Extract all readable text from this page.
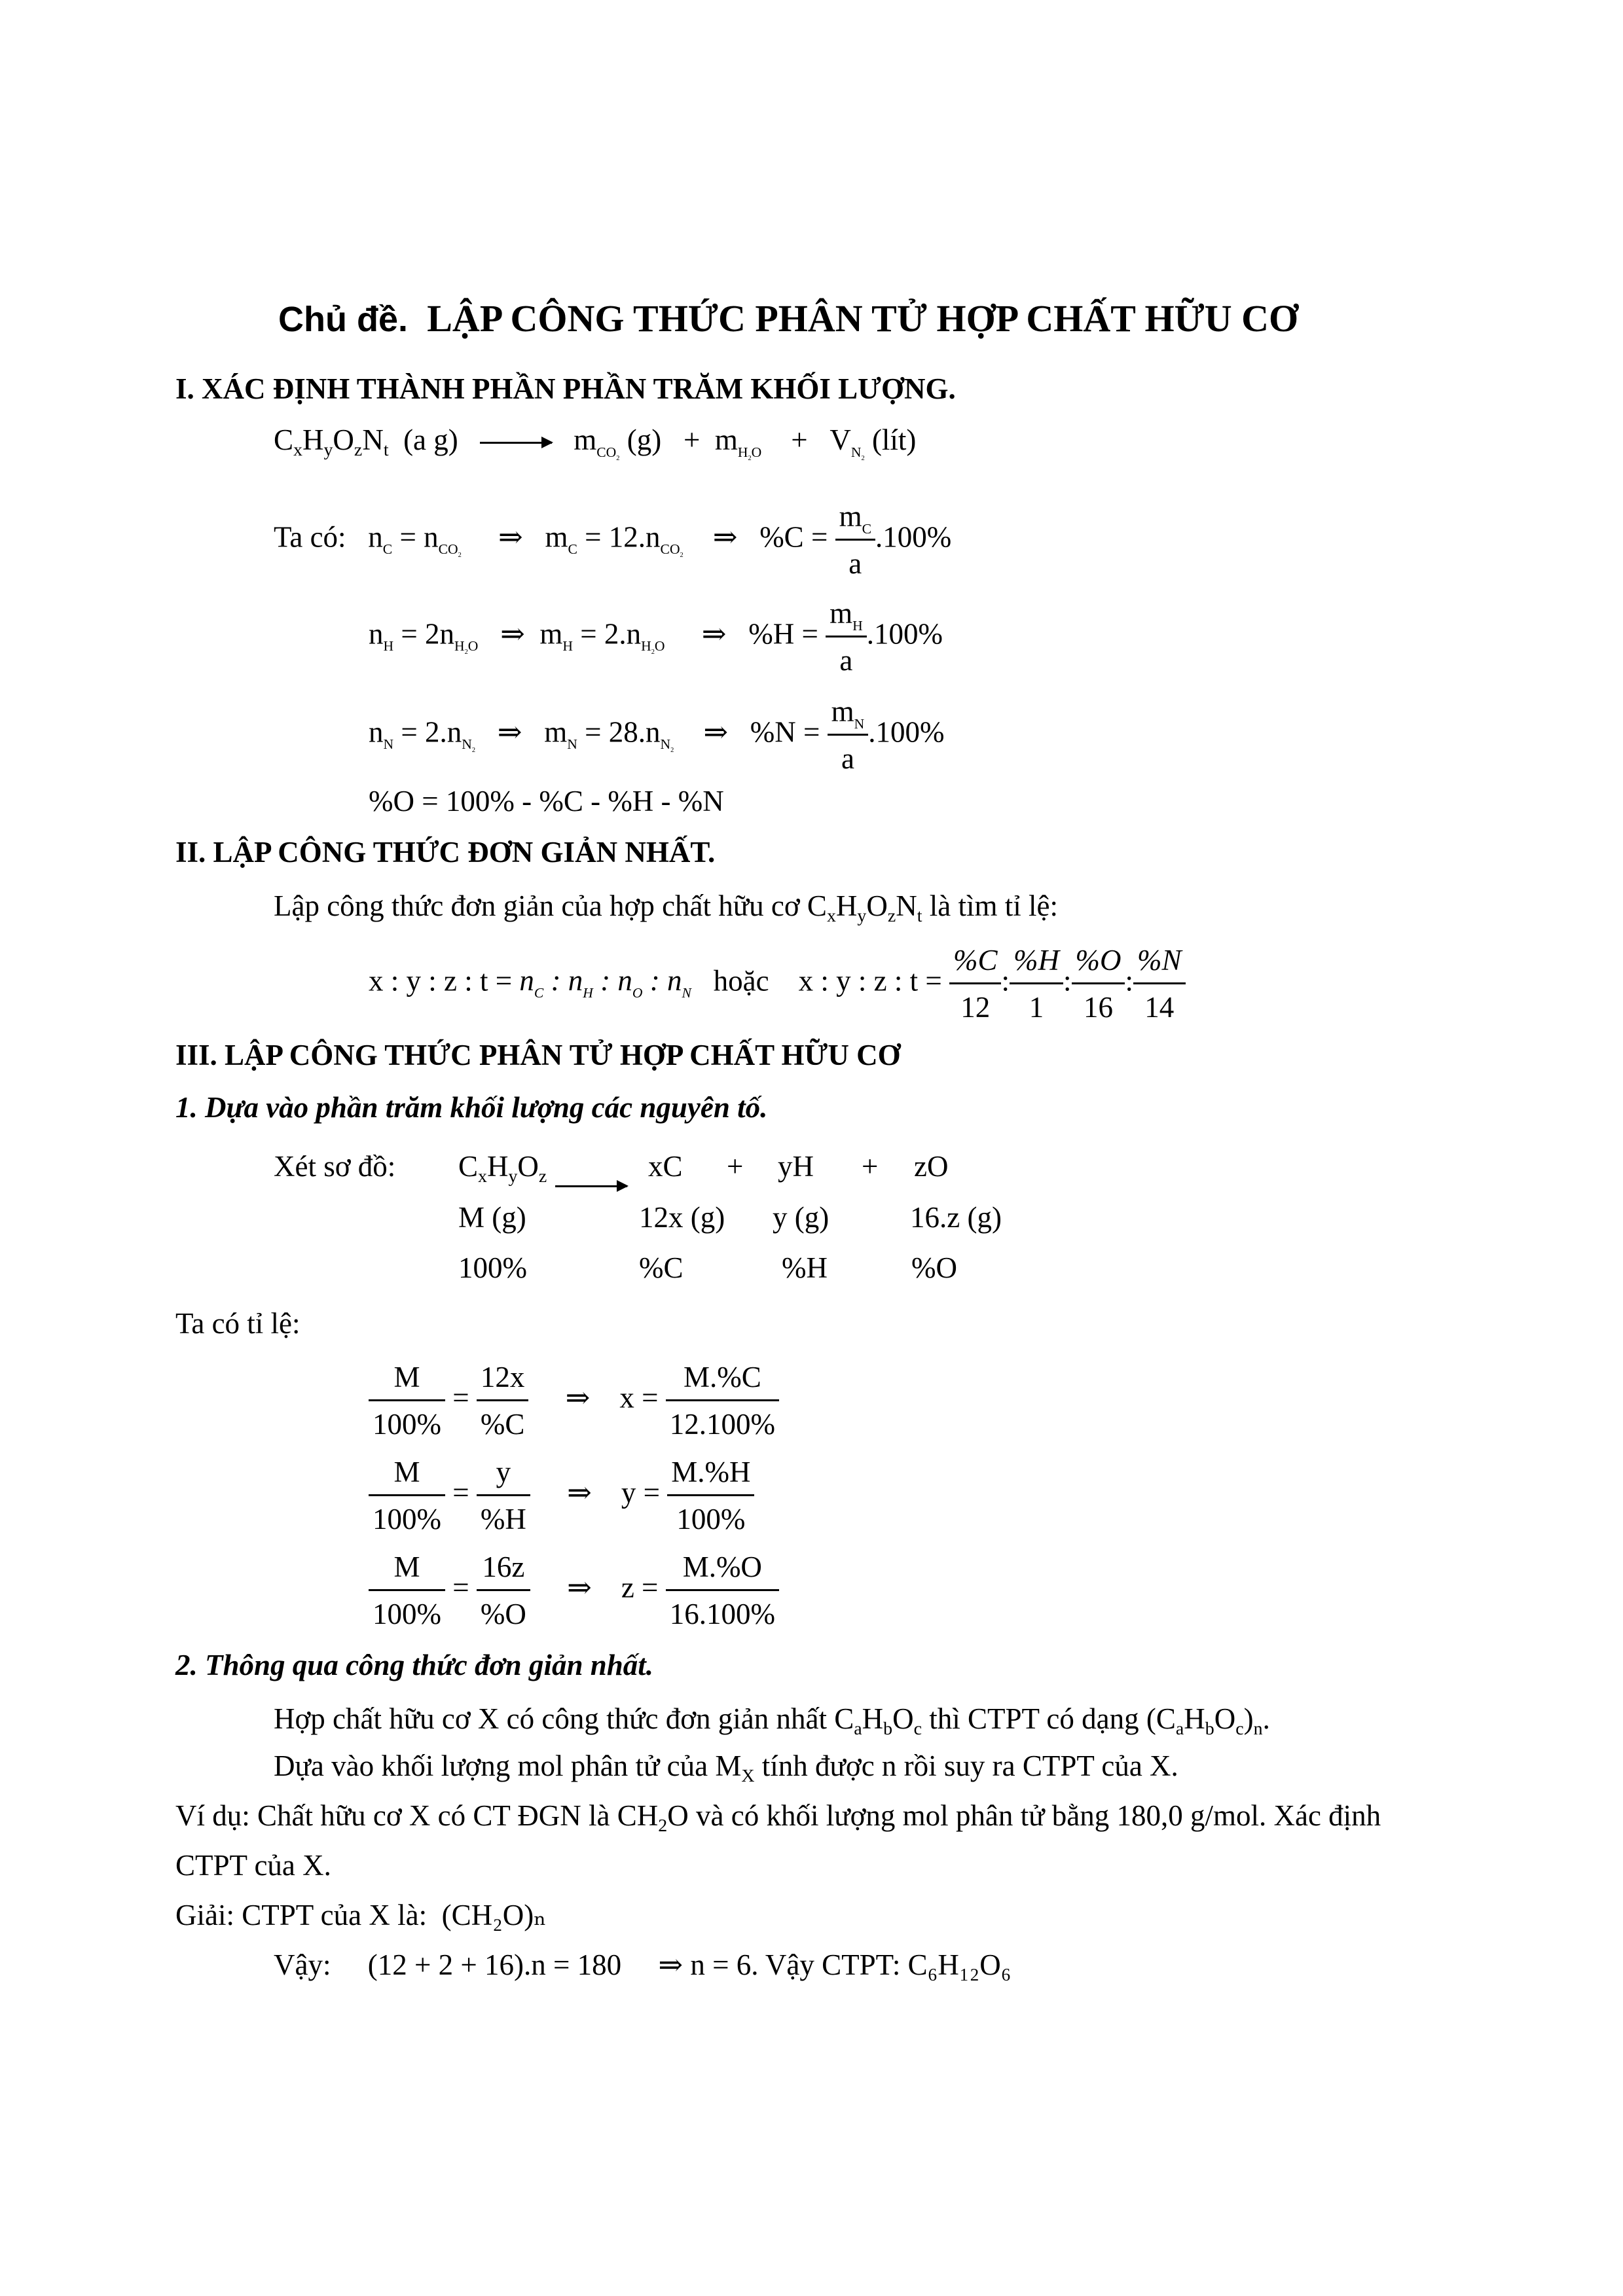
Chủ đề. LẬP CÔNG THỨC PHÂN TỬ HỢP CHẤT HỮU CƠ
I. XÁC ĐỊNH THÀNH PHẦN PHẦN TRĂM KHỐI LƯỢNG.
$C_xH_yO_zN_t$ (a $g) \to m_{CO_2}$ $(g) + m_{H_2O}$    +   $V_{N_2}$ (lít)
Ta có:   $n_C = n_{CO_2}$     ⇒   $m_C = 12.n_{CO_2}$    ⇒   $\%C = \frac{m_C}{a} .100\%$
$n_H = 2n_{H_2O}$   ⇒  $m_H = 2.n_{H_2O}$     ⇒   $\%H = \frac{m_H}{a} .100\%$
$n_N = 2.n_{N_2}$   ⇒   $m_N = 28.n_{N_2}$    ⇒   $\%N = \frac{m_N}{a} .100\%$
%O = 100% - %C - %H - %N
II. LẬP CÔNG THỨC ĐƠN GIẢN NHẤT.
Lập công thức đơn giản của hợp chất hữu cơ $C_xH_yO_zN_t$ là tìm tỉ lệ:
x : y : z : $t = n_C$ : $n_H$ : $n_O$ : $n_N$ hoặc x : y : z : $t = \frac{\%C}{12}$ : $\frac{\%H}{1}$ : $\frac{\%O}{16}$ : $\frac{\%N}{14}$
III. LẬP CÔNG THỨC PHÂN TỬ HỢP CHẤT HỮU CƠ
1. Dựa vào phần trăm khối lượng các nguyên tố.
Xét sơ đồ: $C_xH_yO_z$	xC + yH + zO
M (g)	12x (g) y (g)	16.z (g)
100%	%C	%H	%O
Ta có tỉ lệ:
$\frac{M}{100\%} = \frac{12x}{\%C}$ ⇒    $x = \frac{M.\%C}{12.100\%}$
$\frac{M}{100\%} = \frac{y}{\%H}$ ⇒    $y = \frac{M.\%H}{100\%}$
$\frac{M}{100\%} = \frac{16z}{\%O}$ ⇒    $z = \frac{M.\%O}{16.100\%}$
2. Thông qua công thức đơn giản nhất.
Hợp chất hữu cơ X có công thức đơn giản nhất $C_aH_bO_c$ thì CTPT có dạng $(C_aH_bO_c)_n$.
Dựa vào khối lượng mol phân tử của $M_X$ tính được n rồi suy ra CTPT của X.
Ví dụ: Chất hữu cơ X có CT ĐGN là $CH_2O$ và có khối lượng mol phân tử bằng 180,0 g/mol. Xác định
CTPT của X.
Giải: CTPT của X là: (CH₂O)ₙ
Vậy: (12 + 2 + 16).n = 180     ⇒ n = 6. Vậy CTPT: C₆H₁₂O₆
